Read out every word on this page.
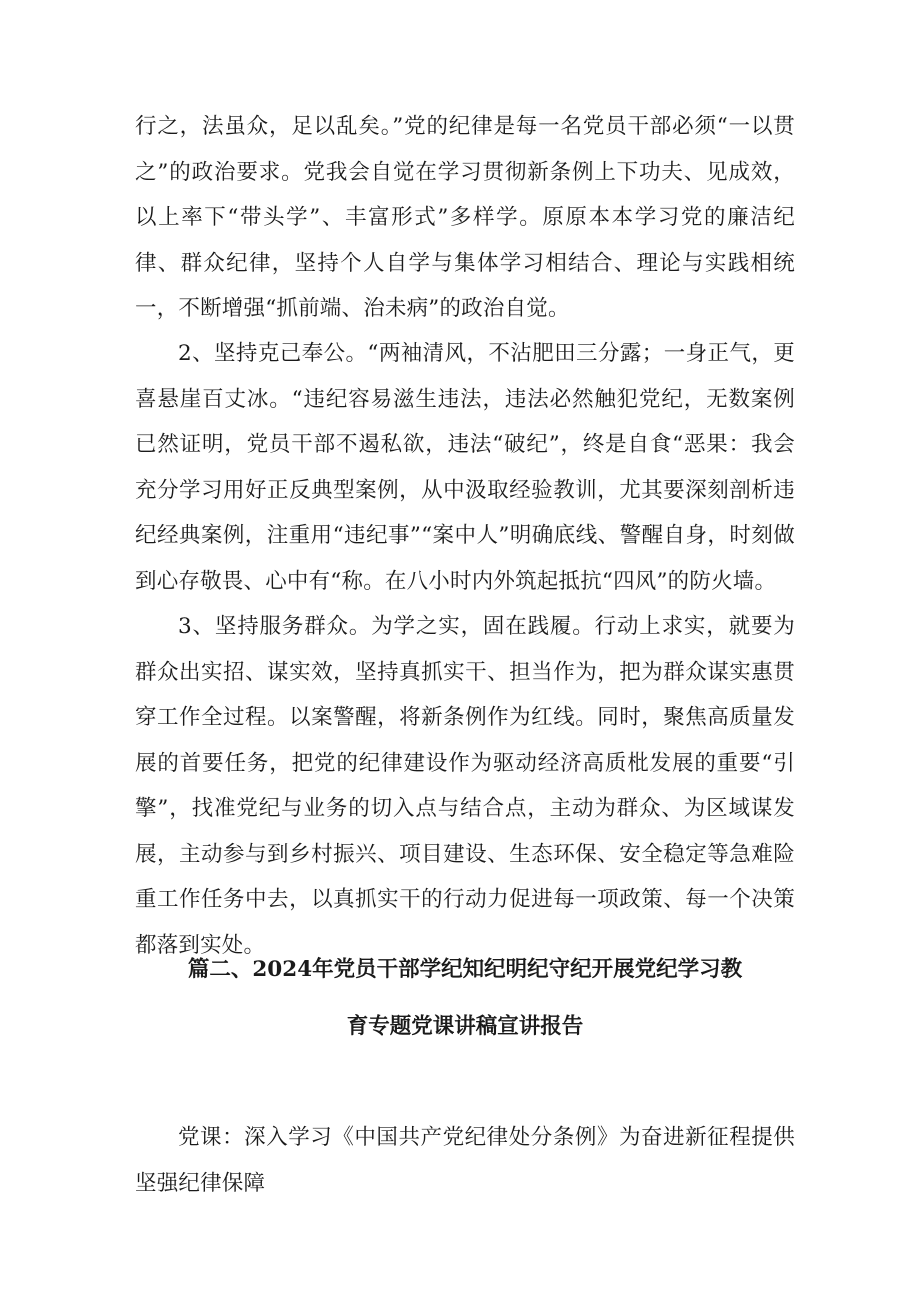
行之，法虽众，足以乱矣。”党的纪律是每一名党员干部必须“一以贯之”的政治要求。党我会自觉在学习贯彻新条例上下功夫、见成效，以上率下“带头学”、丰富形式”多样学。原原本本学习党的廉洁纪律、群众纪律，坚持个人自学与集体学习相结合、理论与实践相统一，不断增强“抓前端、治未病”的政治自觉。

2、坚持克己奉公。“两袖清风，不沾肥田三分露；一身正气，更喜悬崖百丈冰。“违纪容易滋生违法，违法必然触犯党纪，无数案例已然证明，党员干部不遏私欲，违法“破纪”，终是自食“恶果：我会充分学习用好正反典型案例，从中汲取经验教训，尤其要深刻剖析违纪经典案例，注重用“违纪事”“案中人”明确底线、警醒自身，时刻做到心存敬畏、心中有“称。在八小时内外筑起抵抗“四风”的防火墙。

3、坚持服务群众。为学之实，固在践履。行动上求实，就要为群众出实招、谋实效，坚持真抓实干、担当作为，把为群众谋实惠贯穿工作全过程。以案警醒，将新条例作为红线。同时，聚焦高质量发展的首要任务，把党的纪律建设作为驱动经济高质枇发展的重要“引擎”，找准党纪与业务的切入点与结合点，主动为群众、为区域谋发展，主动参与到乡村振兴、项目建设、生态环保、安全稳定等急难险重工作任务中去，以真抓实干的行动力促进每一项政策、每一个决策都落到实处。

篇二、2024年党员干部学纪知纪明纪守纪开展党纪学习教
育专题党课讲稿宣讲报告

党课：深入学习《中国共产党纪律处分条例》为奋进新征程提供坚强纪律保障
